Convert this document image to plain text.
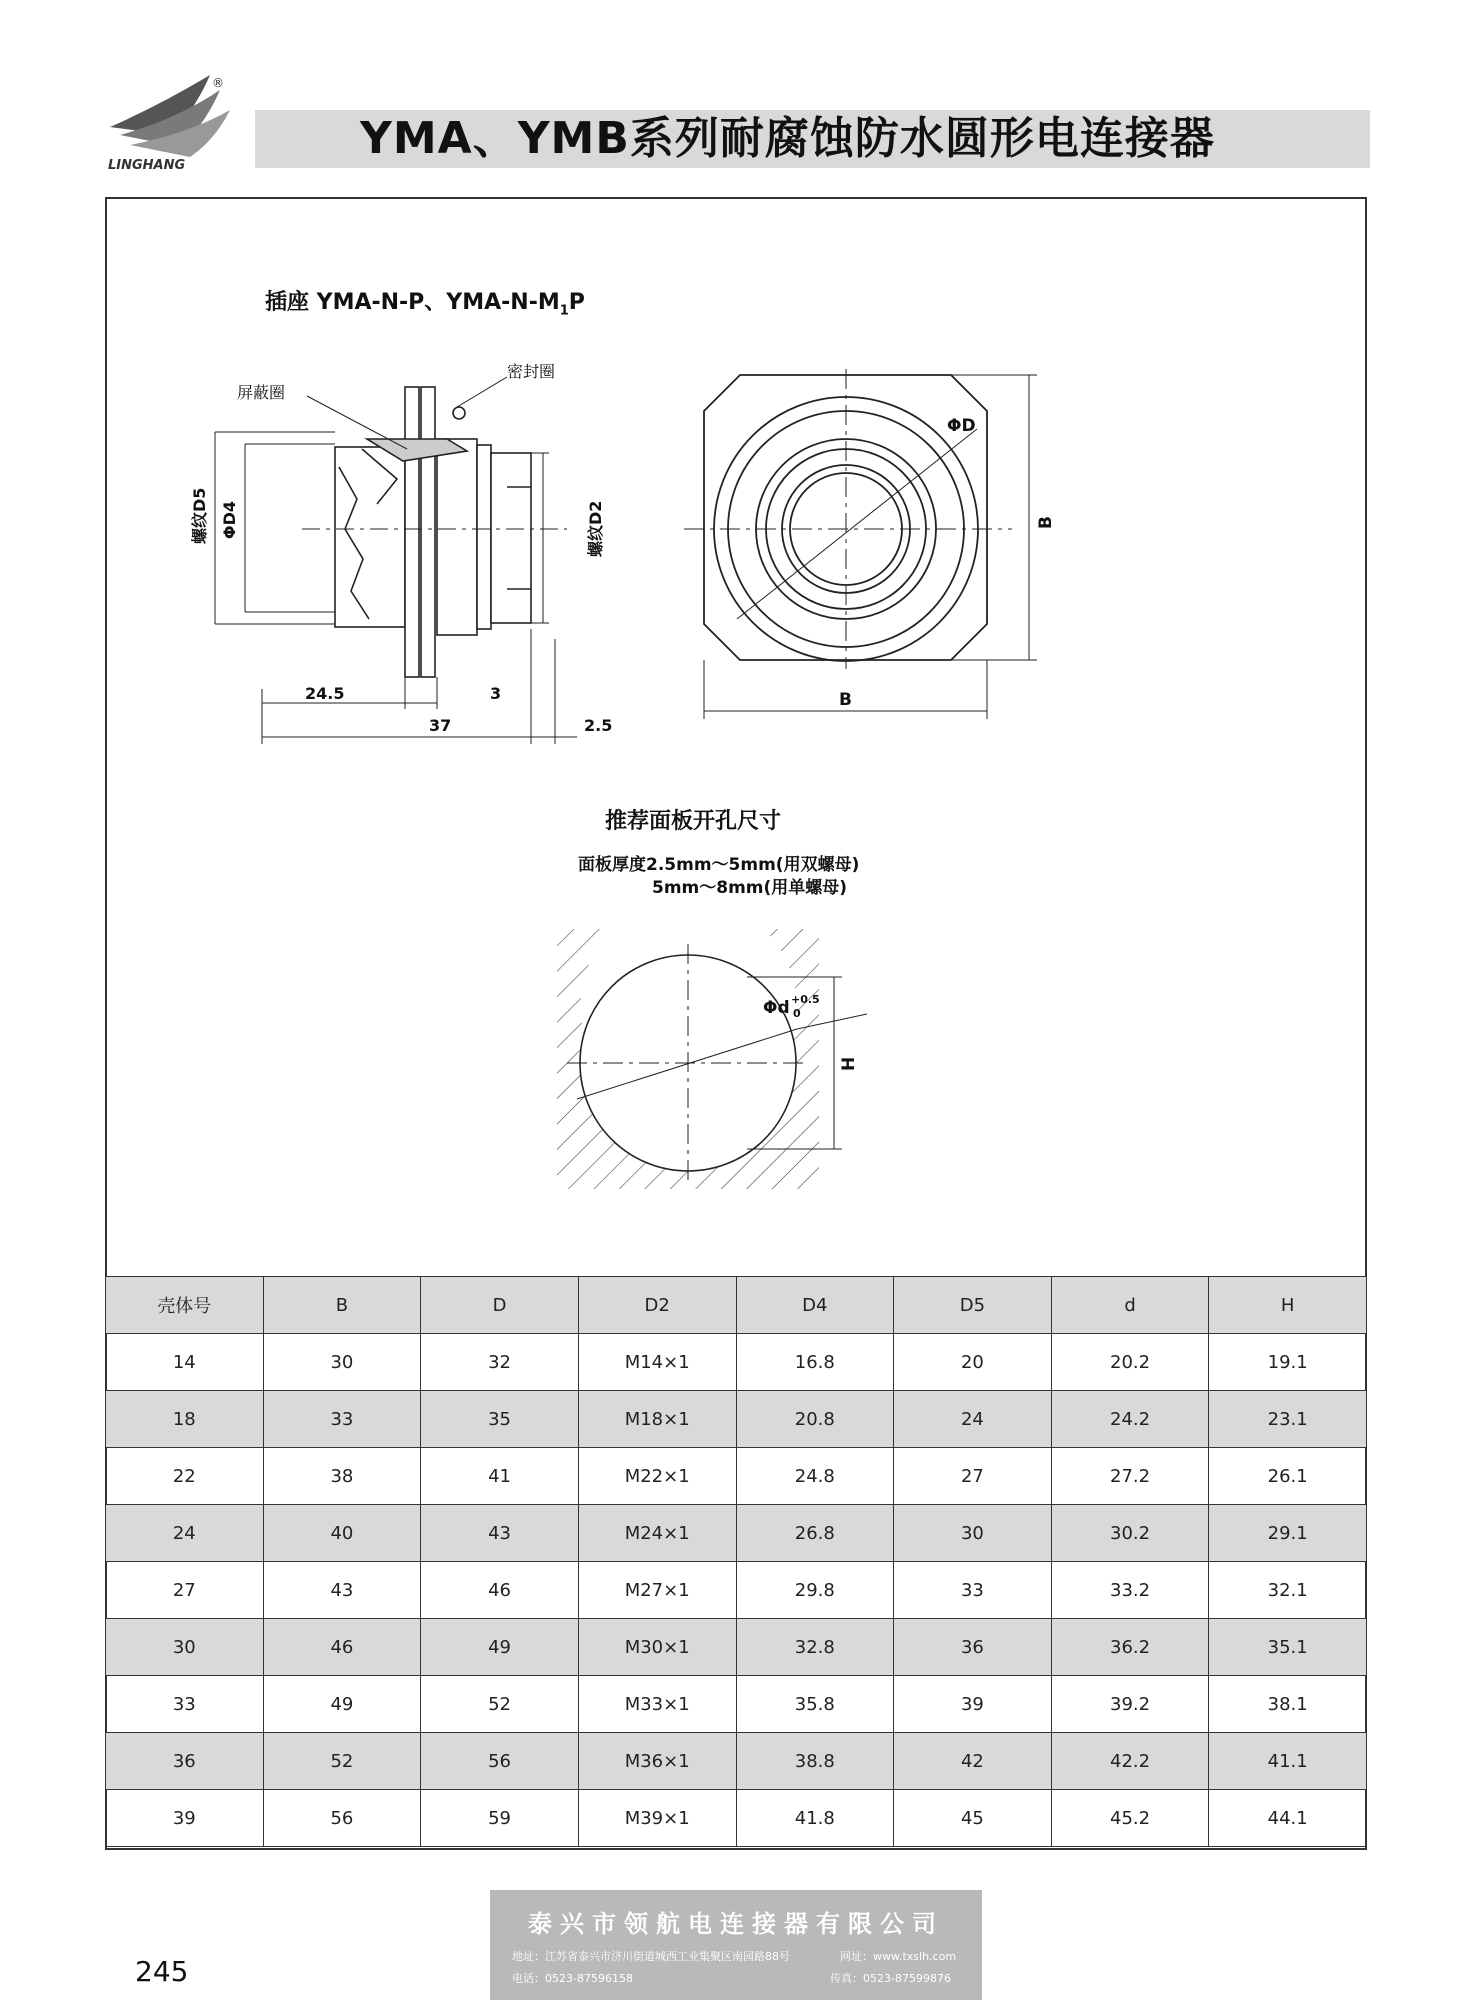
®
LINGHANG
YMA、YMB系列耐腐蚀防水圆形电连接器
屏蔽圈
密封圈
螺纹D5 ΦD4	螺纹D2
24.5	3
37	2.5
ΦD
B
B
Φd +0.5
0
H
插座 YMA-N-P、YMA-$N-M_1P$
推荐面板开孔尺寸
面板厚度2.5mm～5mm(用双螺母)
5mm～8mm(用单螺母)
壳体号	B	D	D2	D4	D5	d	H
14	30	32	M14×1	16.8	20	20.2	19.1
18	33	35	M18×1	20.8	24	24.2	23.1
22	38	41	M22×1	24.8	27	27.2	26.1
24	40	43	M24×1	26.8	30	30.2	29.1
27	43	46	M27×1	29.8	33	33.2	32.1
30	46	49	M30×1	32.8	36	36.2	35.1
33	49	52	M33×1	35.8	39	39.2	38.1
36	52	56	M36×1	38.8	42	42.2	41.1
39	56	59	M39×1	41.8	45	45.2	44.1
245
泰兴市领航电连接器有限公司
地址：江苏省泰兴市济川街道城西工业集聚区南园路88号	网址：www.txslh.com
电话：0523-87596158	传真：0523-87599876
